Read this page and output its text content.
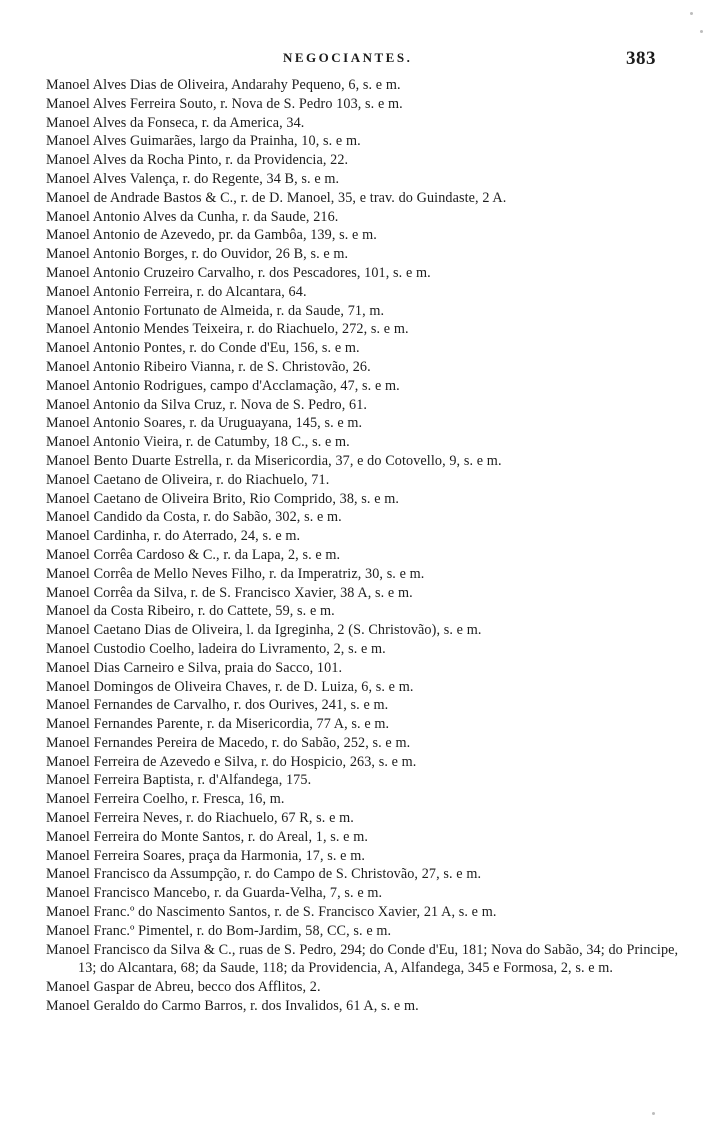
NEGOCIANTES.	383
Manoel Alves Dias de Oliveira, Andarahy Pequeno, 6, s. e m.
Manoel Alves Ferreira Souto, r. Nova de S. Pedro 103, s. e m.
Manoel Alves da Fonseca, r. da America, 34.
Manoel Alves Guimarães, largo da Prainha, 10, s. e m.
Manoel Alves da Rocha Pinto, r. da Providencia, 22.
Manoel Alves Valença, r. do Regente, 34 B, s. e m.
Manoel de Andrade Bastos & C., r. de D. Manoel, 35, e trav. do Guindaste, 2 A.
Manoel Antonio Alves da Cunha, r. da Saude, 216.
Manoel Antonio de Azevedo, pr. da Gambôa, 139, s. e m.
Manoel Antonio Borges, r. do Ouvidor, 26 B, s. e m.
Manoel Antonio Cruzeiro Carvalho, r. dos Pescadores, 101, s. e m.
Manoel Antonio Ferreira, r. do Alcantara, 64.
Manoel Antonio Fortunato de Almeida, r. da Saude, 71, m.
Manoel Antonio Mendes Teixeira, r. do Riachuelo, 272, s. e m.
Manoel Antonio Pontes, r. do Conde d'Eu, 156, s. e m.
Manoel Antonio Ribeiro Vianna, r. de S. Christovão, 26.
Manoel Antonio Rodrigues, campo d'Acclamação, 47, s. e m.
Manoel Antonio da Silva Cruz, r. Nova de S. Pedro, 61.
Manoel Antonio Soares, r. da Uruguayana, 145, s. e m.
Manoel Antonio Vieira, r. de Catumby, 18 C., s. e m.
Manoel Bento Duarte Estrella, r. da Misericordia, 37, e do Cotovello, 9, s. e m.
Manoel Caetano de Oliveira, r. do Riachuelo, 71.
Manoel Caetano de Oliveira Brito, Rio Comprido, 38, s. e m.
Manoel Candido da Costa, r. do Sabão, 302, s. e m.
Manoel Cardinha, r. do Aterrado, 24, s. e m.
Manoel Corrêa Cardoso & C., r. da Lapa, 2, s. e m.
Manoel Corrêa de Mello Neves Filho, r. da Imperatriz, 30, s. e m.
Manoel Corrêa da Silva, r. de S. Francisco Xavier, 38 A, s. e m.
Manoel da Costa Ribeiro, r. do Cattete, 59, s. e m.
Manoel Caetano Dias de Oliveira, l. da Igreginha, 2 (S. Christovão), s. e m.
Manoel Custodio Coelho, ladeira do Livramento, 2, s. e m.
Manoel Dias Carneiro e Silva, praia do Sacco, 101.
Manoel Domingos de Oliveira Chaves, r. de D. Luiza, 6, s. e m.
Manoel Fernandes de Carvalho, r. dos Ourives, 241, s. e m.
Manoel Fernandes Parente, r. da Misericordia, 77 A, s. e m.
Manoel Fernandes Pereira de Macedo, r. do Sabão, 252, s. e m.
Manoel Ferreira de Azevedo e Silva, r. do Hospicio, 263, s. e m.
Manoel Ferreira Baptista, r. d'Alfandega, 175.
Manoel Ferreira Coelho, r. Fresca, 16, m.
Manoel Ferreira Neves, r. do Riachuelo, 67 R, s. e m.
Manoel Ferreira do Monte Santos, r. do Areal, 1, s. e m.
Manoel Ferreira Soares, praça da Harmonia, 17, s. e m.
Manoel Francisco da Assumpção, r. do Campo de S. Christovão, 27, s. e m.
Manoel Francisco Mancebo, r. da Guarda-Velha, 7, s. e m.
Manoel Franc.º do Nascimento Santos, r. de S. Francisco Xavier, 21 A, s. e m.
Manoel Franc.º Pimentel, r. do Bom-Jardim, 58, CC, s. e m.
Manoel Francisco da Silva & C., ruas de S. Pedro, 294; do Conde d'Eu, 181; Nova do Sabão, 34; do Principe, 13; do Alcantara, 68; da Saude, 118; da Providencia, A, Alfandega, 345 e Formosa, 2, s. e m.
Manoel Gaspar de Abreu, becco dos Afflitos, 2.
Manoel Geraldo do Carmo Barros, r. dos Invalidos, 61 A, s. e m.
